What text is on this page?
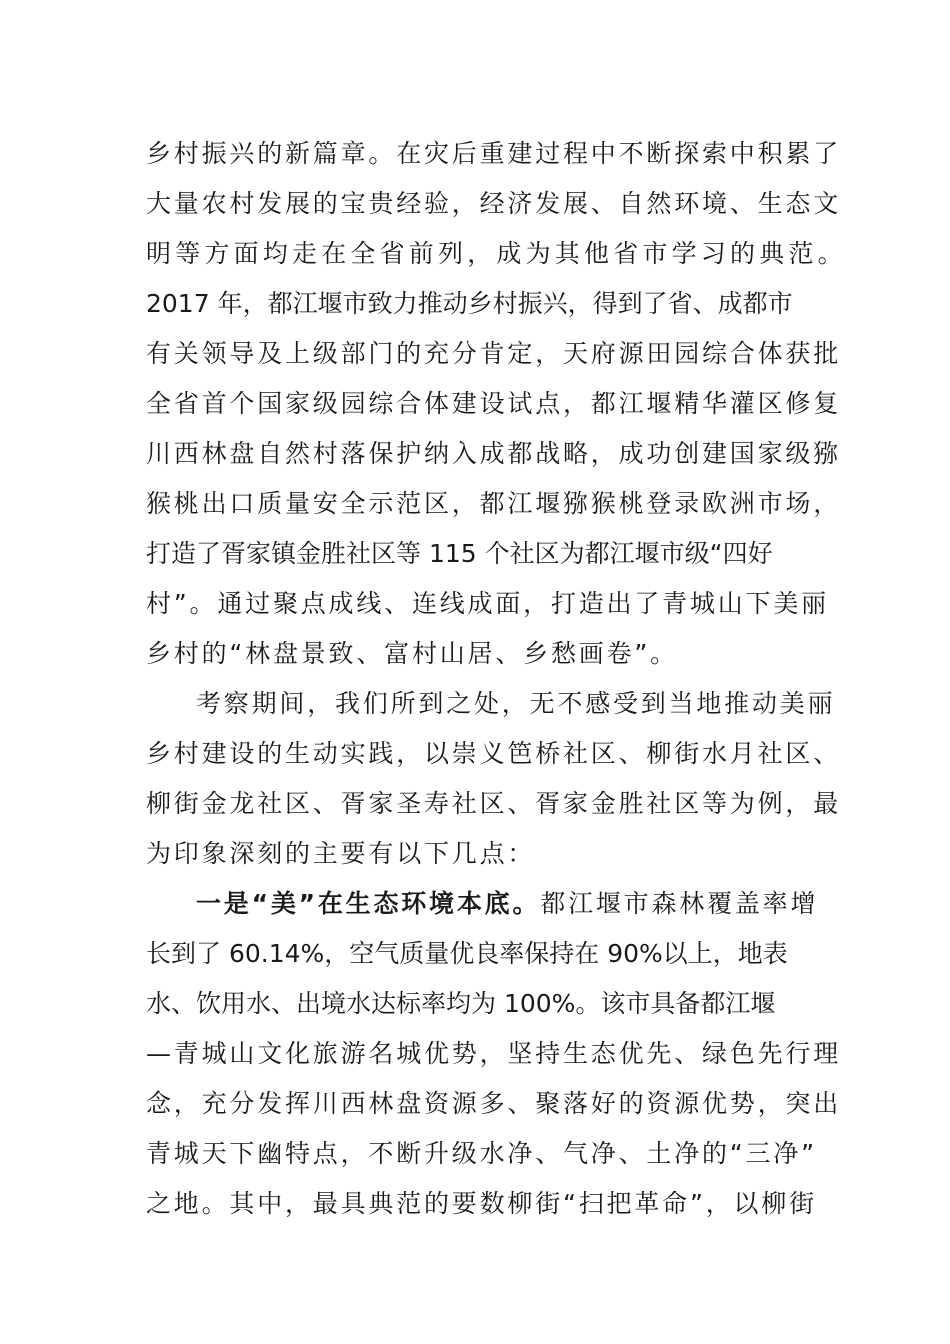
乡村振兴的新篇章。在灾后重建过程中不断探索中积累了
大量农村发展的宝贵经验，经济发展、自然环境、生态文
明等方面均走在全省前列，成为其他省市学习的典范。
2017 年，都江堰市致力推动乡村振兴，得到了省、成都市
有关领导及上级部门的充分肯定，天府源田园综合体获批
全省首个国家级园综合体建设试点，都江堰精华灌区修复
川西林盘自然村落保护纳入成都战略，成功创建国家级猕
猴桃出口质量安全示范区，都江堰猕猴桃登录欧洲市场，
打造了胥家镇金胜社区等 115 个社区为都江堰市级“四好
村”。通过聚点成线、连线成面，打造出了青城山下美丽
乡村的“林盘景致、富村山居、乡愁画卷”。
考察期间，我们所到之处，无不感受到当地推动美丽
乡村建设的生动实践，以崇义笆桥社区、柳街水月社区、
柳街金龙社区、胥家圣寿社区、胥家金胜社区等为例，最
为印象深刻的主要有以下几点：
一是“美”在生态环境本底。都江堰市森林覆盖率增
长到了 60.14%，空气质量优良率保持在 90%以上，地表
水、饮用水、出境水达标率均为 100%。该市具备都江堰
—青城山文化旅游名城优势，坚持生态优先、绿色先行理
念，充分发挥川西林盘资源多、聚落好的资源优势，突出
青城天下幽特点，不断升级水净、气净、土净的“三净”
之地。其中，最具典范的要数柳街“扫把革命”，以柳街
